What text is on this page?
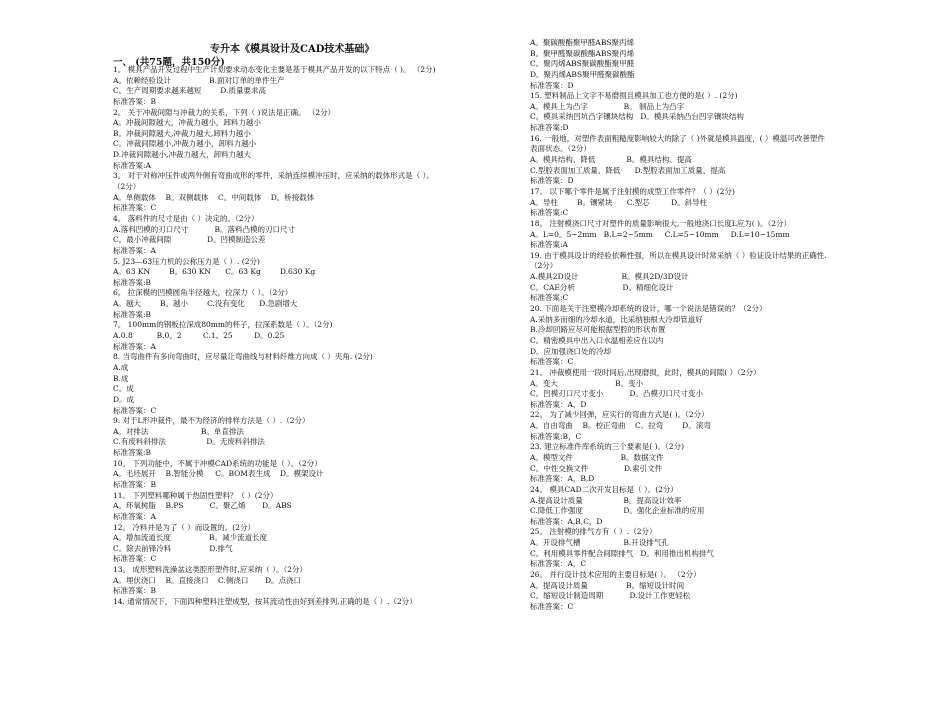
专升本《模具设计及CAD技术基础》
一、 (共75题，共150分)
1。 模具产品开发过程中生产计划要求动态变化主要是基于模具产品开发的以下特点（ )。 （2分)
A。依赖经验设计                B.面对订单的单件生产
C。生产周期要求越来越短        D.质量要求高
标准答案：B
2。 关于冲裁间隙与冲裁力的关系，下列（ )说法是正确。 （2分）
A。冲裁间隙越大，冲裁力越小，卸料力越小
B。冲裁间隙越大,冲裁力越大,卸料力越小
C。冲裁间隙越小,冲裁力越小，卸料力越小
D.冲裁间隙越小,冲裁力越大，卸料力越大
标准答案:A
3。 对于对称冲压件或两外侧有弯曲成形的零件，采纳连续模冲压时，应采纳的载体形式是（ ）。
（2分）
A。单侧载体    B。双侧载体    C。中间载体    D。桥接载体
标准答案：C
4。 落料件的尺寸是由（ ）决定的。（2分）
A.落料凹模的刃口尺寸           B。落料凸模的刃口尺寸
C。最小冲裁间隙               D。凹模制造公差
标准答案：A
5. J23—63压力机的公称压力是（ ）. (2分)
A。63 KN        B。630 KN      C。63 Kg        D.630 Kg
标准答案:B
6。 拉深模的凹模圆角半径越大，拉深力（ ）。（2分）
A。越大        B。越小        C.没有变化      D.急剧增大
标准答案:B
7。 100mm的钢板拉深成80mm的杯子，拉深系数是（ ）。（2分)
A.0.8          B.0。2         C.1。25         D。0.25
标准答案：A
8. 当弯曲件有多向弯曲时，应尽量让弯曲线与材料纤维方向成（ ）夹角. (2分)
A.成
B.成
C。成
D。成
标准答案：C
9. 对于L形冲裁件，最不为经济的排样方法是（ ）.（2分）
A。对排法                      B。单直排法
C.有废料斜排法                 D。无废料斜排法
标准答案:B
10。 下列功能中，不属于冲模CAD系统的功能是（ ）。（2分）
A。毛坯展开    B.智能分模     C。BOM表生成    D。模架设计
标准答案：B
11。 下列塑料哪种属于热固性塑料？（ ）(2分）
A。环氧树脂    B.PS           C。聚乙烯       D。ABS
标准答案：A
12。 冷料井是为了（ ）而设置的。(2分）
A。增加流道长度                B。减少流道长度
C。除去前锋冷料                D.排气
标准答案：C
13。 成形塑料洗澡盆这类腔形塑件时,应采纳（ ）。（2分）
A。埋伏浇口    B。直接浇口    C.侧浇口       D。点浇口
标准答案：B
14. 通常情况下，下面四种塑料注塑成型，按其流动性由好到差排列,正确的是（ ）.（2分）
A。聚碳酸酯聚甲醛ABS聚丙烯
B。聚甲醛聚碳酸酯ABS聚丙烯
C。聚丙烯ABS聚碳酸酯聚甲醛
D。聚丙烯ABS聚甲醛聚碳酸酯
标准答案：D
15. 塑料制品上文字不易磨损且模具加工也方便的是( ）. (2分)
A。模具上为凸字               B。 制品上为凸字
C。模具采纳凹坑凸字镶块结构   D。模具采纳凸台凹字镶块结构
标准答案:D
16. 一般地，对塑件表面粗糙度影响较大的除了（ )外就是模具温度，( ）模温可改善塑件
表面状态。（2分）
A。模具结构、降低             B。模具结构、提高
C.型腔表面加工质量、降低      D.型腔表面加工质量、提高
标准答案：D
17。 以下哪个零件是属于注射模的成型工作零件？（ ）(2分)
A。导柱        B。镶紧块      C.型芯         D。斜导柱
标准答案:C
18。 注射模浇口尺寸对塑件的质量影响很大,一般地浇口长度L应为( )。（2分）
A。L=0。5~2mm   B.L=2~5mm     C.L=5~10mm     D.L=10~15mm
标准答案:A
19. 由于模具设计的经验依赖性强，所以在模具设计时常采纳（ ）验证设计结果的正确性.
（2分）
A.模具2D设计                  B。模具2D/3D设计
C。CAE分析                    D。精细化设计
标准答案:C
20. 下面是关于注塑模冷却系统的设计，哪一个说法是错误的？（2分）
A.采纳多而细的冷却水道，比采纳独根大冷却管道好
B.冷却回路应尽可能根据型腔的形状布置
C。精密模具中出入口水温相差应在以内
D。应加强浇口处的冷却
标准答案：C
21。 冲裁模使用一段时间后,出现磨损，此时，模具的间隙( ）（2分）
A。变大                        B。变小
C。凹模刃口尺寸变小           D。凸模刃口尺寸变小
标准答案：A，D
22。 为了减少回弹，应实行的弯曲方式是( )。（2分）
A。自由弯曲    B。校正弯曲    C。拉弯        D。滚弯
标准答案:B，C
23. 建立标准件库系统的三个要素是( )。（2分)
A。模型文件                    B。数据文件
C。中性交换文件               D.索引文件
标准答案：A，B,D
24。 模具CAD二次开发目标是（ ）。(2分）
A.提高设计质量                 B。提高设计效率
C.降低工作强度                 D。强化企业标准的应用
标准答案：A,B,C，D
25。 注射模的排气方有（ ）.（2分）
A。开设排气槽                  B.开设排气孔
C。利用模具零件配合间隙排气   D。利用推出机构排气
标准答案：A，C
26。 并行设计技术应用的主要目标是( ）。 （2分）
A。提高设计质量                B。缩短设计时间
C。缩短设计制造周期           D.设计工作更轻松
标准答案：C
